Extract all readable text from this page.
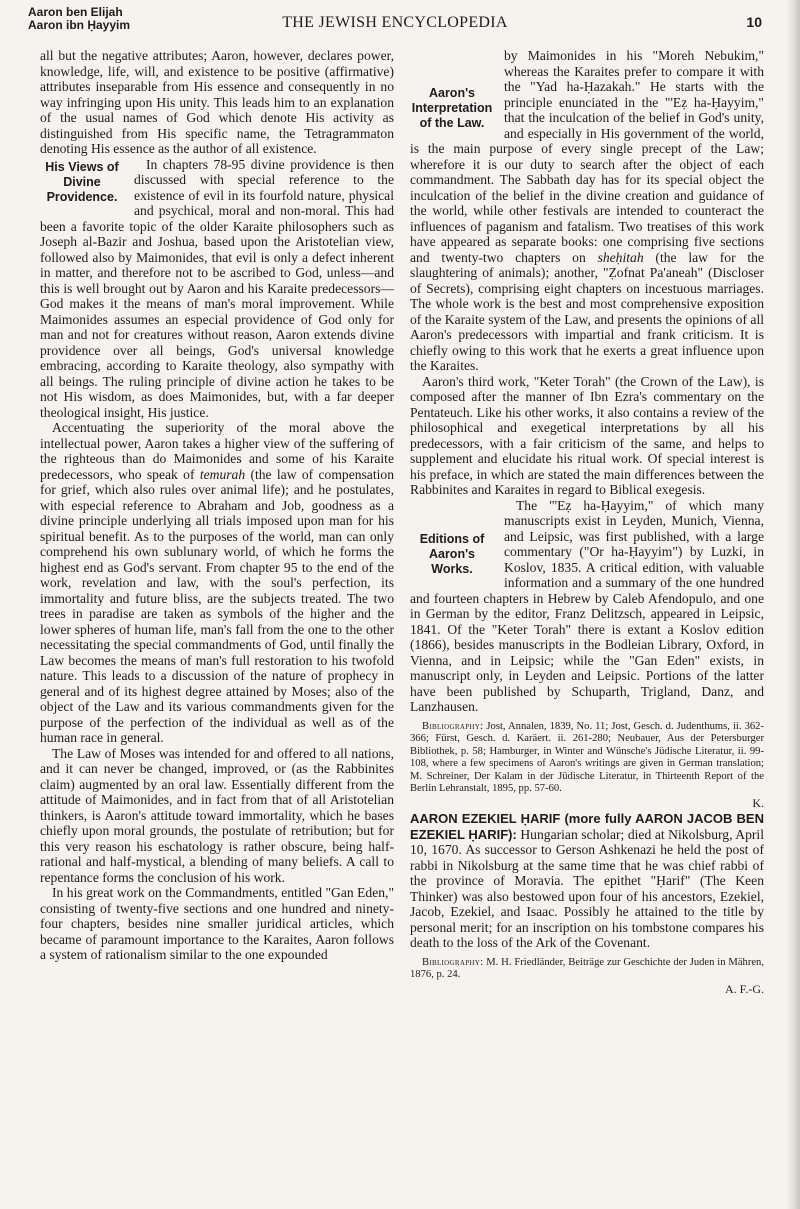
Aaron ben Elijah
Aaron ibn Ḥayyim	THE JEWISH ENCYCLOPEDIA	10

all but the negative attributes; Aaron, however, declares power, knowledge, life, will, and existence to be positive (affirmative) attributes inseparable from His essence and consequently in no way infringing upon His unity. This leads him to an explanation of the usual names of God which denote His activity as distinguished from His specific name, the Tetragrammaton denoting His essence as the author of all existence.

His Views of Divine Providence.
In chapters 78-95 divine providence is then discussed with special reference to the existence of evil in its fourfold nature, physical and psychical, moral and non-moral. This had been a favorite topic of the older Karaite philosophers such as Joseph al-Bazir and Joshua, based upon the Aristotelian view, followed also by Maimonides, that evil is only a defect inherent in matter, and therefore not to be ascribed to God, unless—and this is well brought out by Aaron and his Karaite predecessors—God makes it the means of man's moral improvement. While Maimonides assumes an especial providence of God only for man and not for creatures without reason, Aaron extends divine providence over all beings, God's universal knowledge embracing, according to Karaite theology, also sympathy with all beings. The ruling principle of divine action he takes to be not His wisdom, as does Maimonides, but, with a far deeper theological insight, His justice.

Accentuating the superiority of the moral above the intellectual power, Aaron takes a higher view of the suffering of the righteous than do Maimonides and some of his Karaite predecessors, who speak of temurah (the law of compensation for grief, which also rules over animal life); and he postulates, with especial reference to Abraham and Job, goodness as a divine principle underlying all trials imposed upon man for his spiritual benefit. As to the purposes of the world, man can only comprehend his own sublunary world, of which he forms the highest end as God's servant. From chapter 95 to the end of the work, revelation and law, with the soul's perfection, its immortality and future bliss, are the subjects treated. The two trees in paradise are taken as symbols of the higher and the lower spheres of human life, man's fall from the one to the other necessitating the special commandments of God, until finally the Law becomes the means of man's full restoration to his twofold nature. This leads to a discussion of the nature of prophecy in general and of its highest degree attained by Moses; also of the object of the Law and its various commandments given for the purpose of the perfection of the individual as well as of the human race in general.

The Law of Moses was intended for and offered to all nations, and it can never be changed, improved, or (as the Rabbinites claim) augmented by an oral law. Essentially different from the attitude of Maimonides, and in fact from that of all Aristotelian thinkers, is Aaron's attitude toward immortality, which he bases chiefly upon moral grounds, the postulate of retribution; but for this very reason his eschatology is rather obscure, being half-rational and half-mystical, a blending of many beliefs. A call to repentance forms the conclusion of his work.

In his great work on the Commandments, entitled "Gan Eden," consisting of twenty-five sections and one hundred and ninety-four chapters, besides nine smaller juridical articles, which became of paramount importance to the Karaites, Aaron follows a system of rationalism similar to the one expounded

Aaron's Interpretation of the Law.
by Maimonides in his "Moreh Nebukim," whereas the Karaites prefer to compare it with the "Yad ha-Ḥazakah." He starts with the principle enunciated in the "'Eẓ ha-Ḥayyim," that the inculcation of the belief in God's unity, and especially in His government of the world, is the main purpose of every single precept of the Law; wherefore it is our duty to search after the object of each commandment. The Sabbath day has for its special object the inculcation of the belief in the divine creation and guidance of the world, while other festivals are intended to counteract the influences of paganism and fatalism. Two treatises of this work have appeared as separate books: one comprising five sections and twenty-two chapters on sheḥitah (the law for the slaughtering of animals); another, "Ẓofnat Pa'aneah" (Discloser of Secrets), comprising eight chapters on incestuous marriages. The whole work is the best and most comprehensive exposition of the Karaite system of the Law, and presents the opinions of all Aaron's predecessors with impartial and frank criticism. It is chiefly owing to this work that he exerts a great influence upon the Karaites.

Aaron's third work, "Keter Torah" (the Crown of the Law), is composed after the manner of Ibn Ezra's commentary on the Pentateuch. Like his other works, it also contains a review of the philosophical and exegetical interpretations by all his predecessors, with a fair criticism of the same, and helps to supplement and elucidate his ritual work. Of special interest is his preface, in which are stated the main differences between the Rabbinites and Karaites in regard to Biblical exegesis.

Editions of Aaron's Works.
The "'Eẓ ha-Ḥayyim," of which many manuscripts exist in Leyden, Munich, Vienna, and Leipsic, was first published, with a large commentary ("Or ha-Ḥayyim") by Luzki, in Koslov, 1835. A critical edition, with valuable information and a summary of the one hundred and fourteen chapters in Hebrew by Caleb Afendopulo, and one in German by the editor, Franz Delitzsch, appeared in Leipsic, 1841. Of the "Keter Torah" there is extant a Koslov edition (1866), besides manuscripts in the Bodleian Library, Oxford, in Vienna, and in Leipsic; while the "Gan Eden" exists, in manuscript only, in Leyden and Leipsic. Portions of the latter have been published by Schuparth, Trigland, Danz, and Lanzhausen.

Bibliography: Jost, Annalen, 1839, No. 11; Jost, Gesch. d. Judenthums, ii. 362-366; Fürst, Gesch. d. Karäert. ii. 261-280; Neubauer, Aus der Petersburger Bibliothek, p. 58; Hamburger, in Winter and Wünsche's Jüdische Literatur, ii. 99-108, where a few specimens of Aaron's writings are given in German translation; M. Schreiner, Der Kalam in der Jüdische Literatur, in Thirteenth Report of the Berlin Lehranstalt, 1895, pp. 57-60.

K.

AARON EZEKIEL ḤARIF (more fully AARON JACOB BEN EZEKIEL ḤARIF): Hungarian scholar; died at Nikolsburg, April 10, 1670. As successor to Gerson Ashkenazi he held the post of rabbi in Nikolsburg at the same time that he was chief rabbi of the province of Moravia. The epithet "Ḥarif" (The Keen Thinker) was also bestowed upon four of his ancestors, Ezekiel, Jacob, Ezekiel, and Isaac. Possibly he attained to the title by personal merit; for an inscription on his tombstone compares his death to the loss of the Ark of the Covenant.

Bibliography: M. H. Friedländer, Beiträge zur Geschichte der Juden in Mähren, 1876, p. 24.

A. F.-G.
